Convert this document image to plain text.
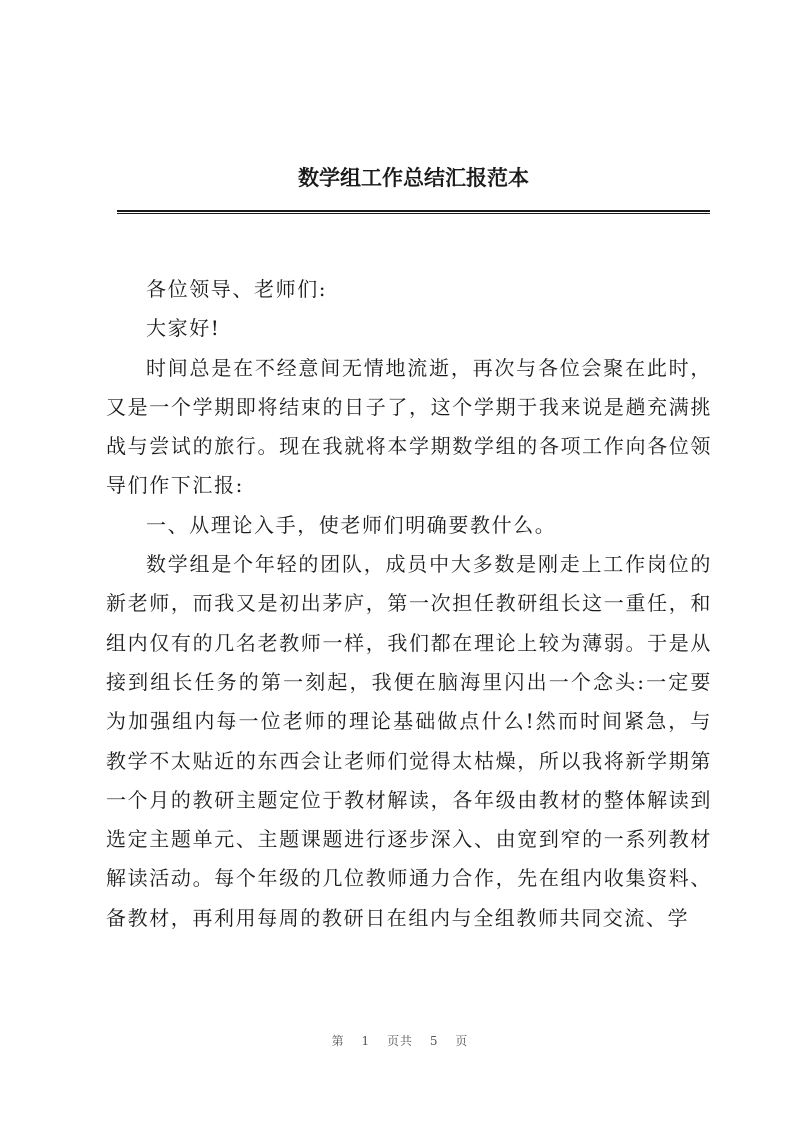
数学组工作总结汇报范本

各位领导、老师们:

大家好!

时间总是在不经意间无情地流逝，再次与各位会聚在此时，又是一个学期即将结束的日子了，这个学期于我来说是趟充满挑战与尝试的旅行。现在我就将本学期数学组的各项工作向各位领导们作下汇报:

一、从理论入手，使老师们明确要教什么。

数学组是个年轻的团队，成员中大多数是刚走上工作岗位的新老师，而我又是初出茅庐，第一次担任教研组长这一重任，和组内仅有的几名老教师一样，我们都在理论上较为薄弱。于是从接到组长任务的第一刻起，我便在脑海里闪出一个念头:一定要为加强组内每一位老师的理论基础做点什么!然而时间紧急，与教学不太贴近的东西会让老师们觉得太枯燥，所以我将新学期第一个月的教研主题定位于教材解读，各年级由教材的整体解读到选定主题单元、主题课题进行逐步深入、由宽到窄的一系列教材解读活动。每个年级的几位教师通力合作，先在组内收集资料、备教材，再利用每周的教研日在组内与全组教师共同交流、学

第 1 页共 5 页
